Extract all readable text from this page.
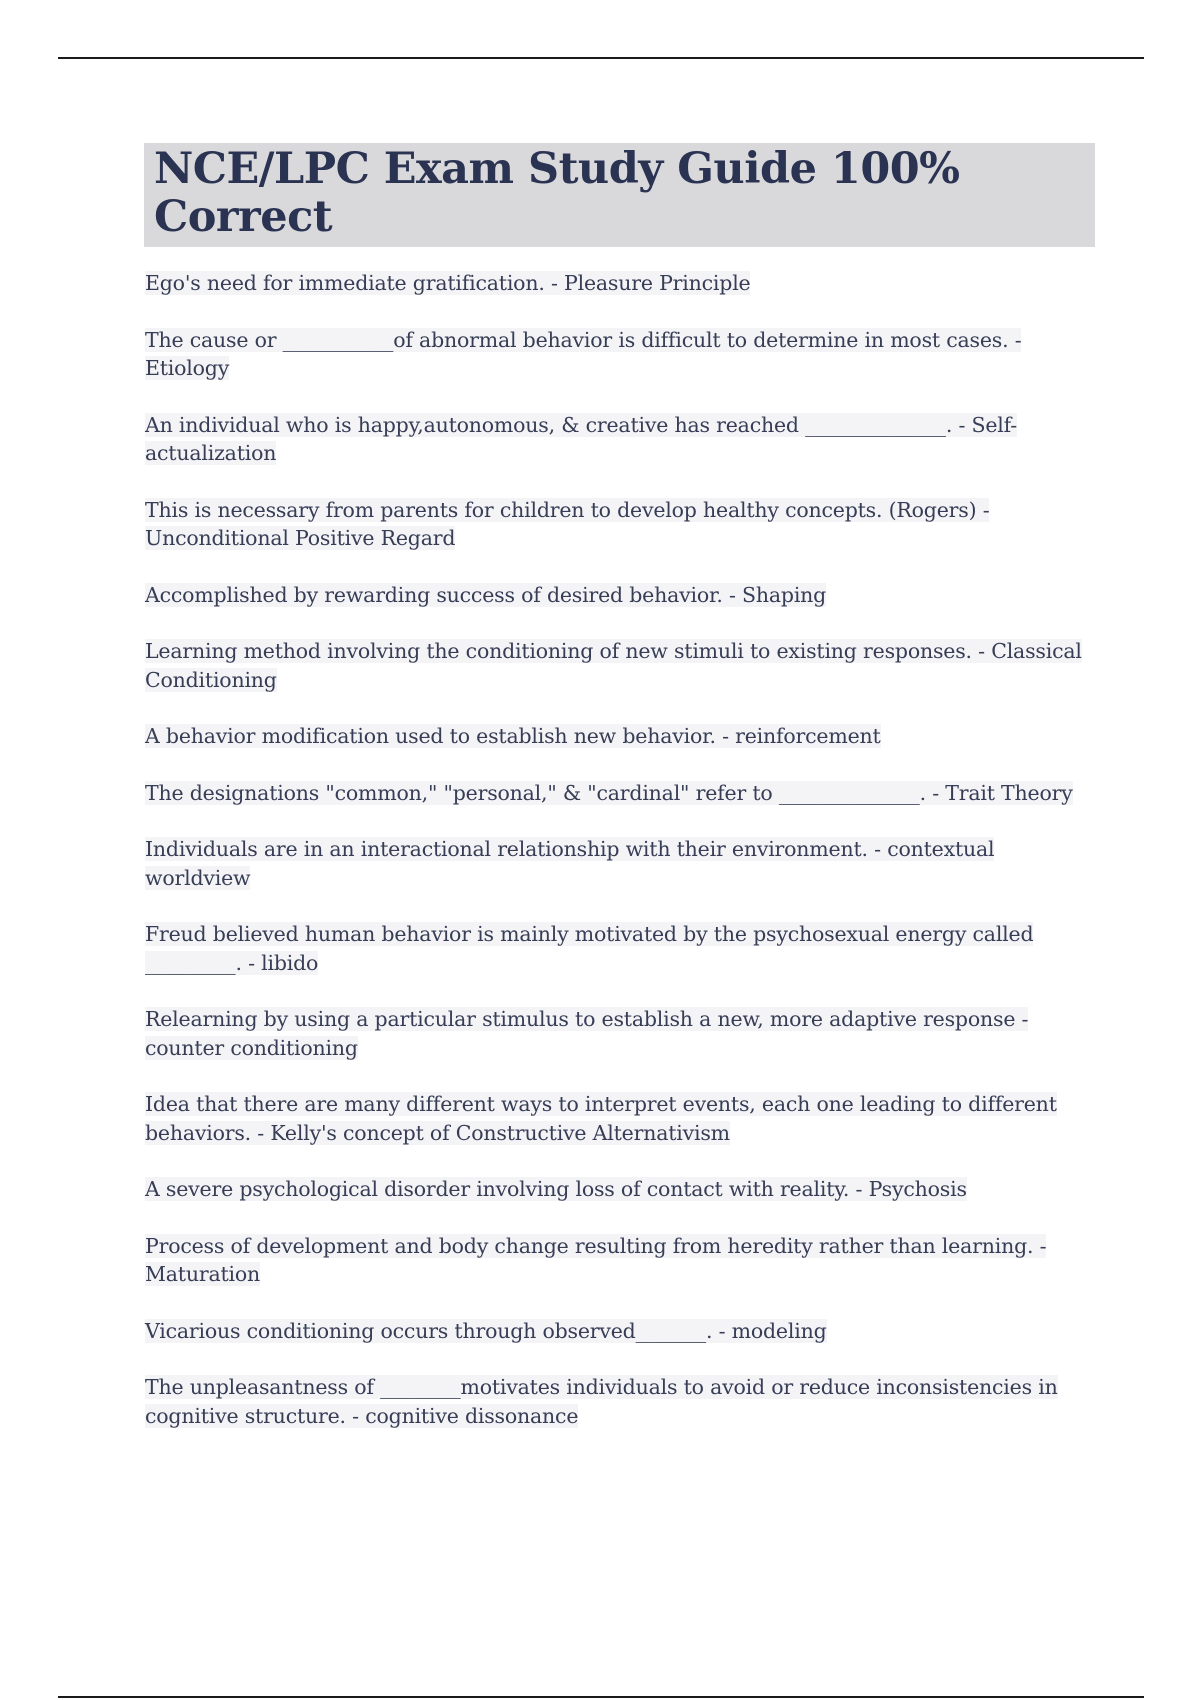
NCE/LPC Exam Study Guide 100% Correct
Ego's need for immediate gratification. - Pleasure Principle
The cause or ___________of abnormal behavior is difficult to determine in most cases. - Etiology
An individual who is happy,autonomous, & creative has reached ______________. - Self-actualization
This is necessary from parents for children to develop healthy concepts. (Rogers) - Unconditional Positive Regard
Accomplished by rewarding success of desired behavior. - Shaping
Learning method involving the conditioning of new stimuli to existing responses. - Classical Conditioning
A behavior modification used to establish new behavior. - reinforcement
The designations "common," "personal," & "cardinal" refer to ______________. - Trait Theory
Individuals are in an interactional relationship with their environment. - contextual worldview
Freud believed human behavior is mainly motivated by the psychosexual energy called _________. - libido
Relearning by using a particular stimulus to establish a new, more adaptive response - counter conditioning
Idea that there are many different ways to interpret events, each one leading to different behaviors. - Kelly's concept of Constructive Alternativism
A severe psychological disorder involving loss of contact with reality. - Psychosis
Process of development and body change resulting from heredity rather than learning. - Maturation
Vicarious conditioning occurs through observed_______. - modeling
The unpleasantness of ________motivates individuals to avoid or reduce inconsistencies in cognitive structure. - cognitive dissonance
